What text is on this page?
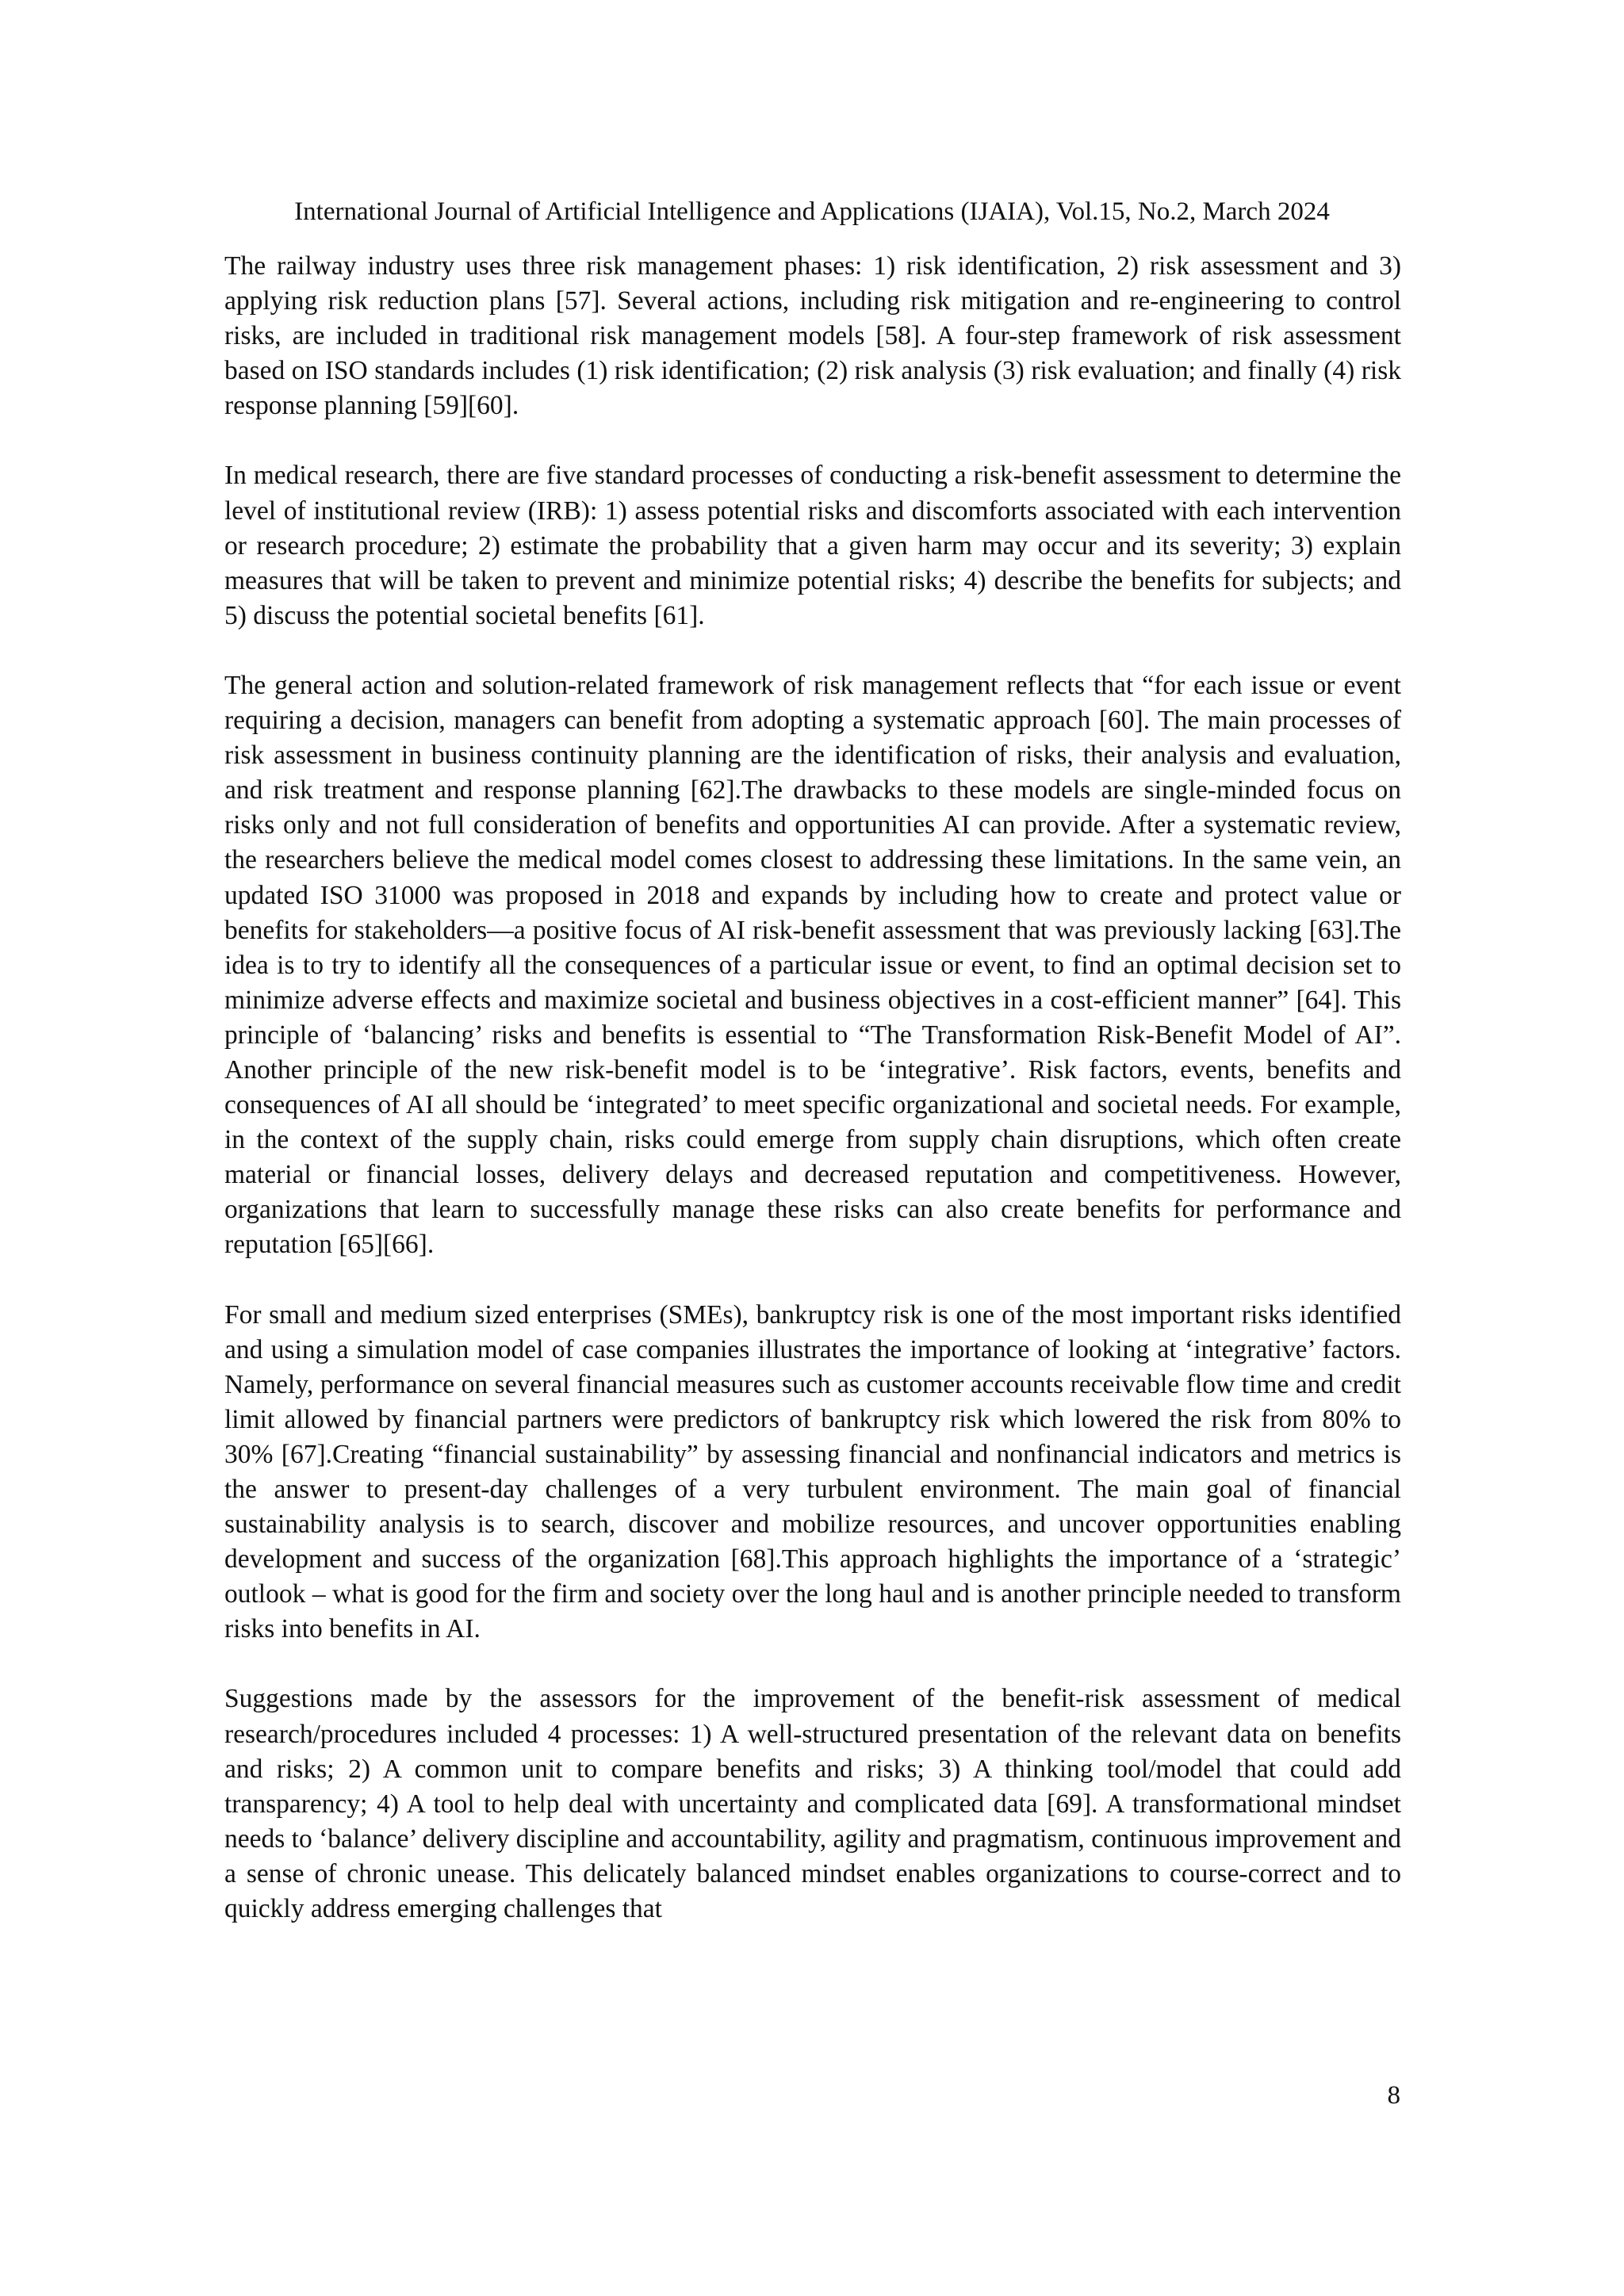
International Journal of Artificial Intelligence and Applications (IJAIA), Vol.15, No.2, March 2024

The railway industry uses three risk management phases: 1) risk identification, 2) risk assessment and 3) applying risk reduction plans [57]. Several actions, including risk mitigation and re-engineering to control risks, are included in traditional risk management models [58]. A four-step framework of risk assessment based on ISO standards includes (1) risk identification; (2) risk analysis (3) risk evaluation; and finally (4) risk response planning [59][60].

In medical research, there are five standard processes of conducting a risk-benefit assessment to determine the level of institutional review (IRB): 1) assess potential risks and discomforts associated with each intervention or research procedure; 2) estimate the probability that a given harm may occur and its severity; 3) explain measures that will be taken to prevent and minimize potential risks; 4) describe the benefits for subjects; and 5) discuss the potential societal benefits [61].

The general action and solution-related framework of risk management reflects that “for each issue or event requiring a decision, managers can benefit from adopting a systematic approach [60]. The main processes of risk assessment in business continuity planning are the identification of risks, their analysis and evaluation, and risk treatment and response planning [62].The drawbacks to these models are single-minded focus on risks only and not full consideration of benefits and opportunities AI can provide. After a systematic review, the researchers believe the medical model comes closest to addressing these limitations. In the same vein, an updated ISO 31000 was proposed in 2018 and expands by including how to create and protect value or benefits for stakeholders—a positive focus of AI risk-benefit assessment that was previously lacking [63].The idea is to try to identify all the consequences of a particular issue or event, to find an optimal decision set to minimize adverse effects and maximize societal and business objectives in a cost-efficient manner” [64]. This principle of ‘balancing’ risks and benefits is essential to “The Transformation Risk-Benefit Model of AI”. Another principle of the new risk-benefit model is to be ‘integrative’. Risk factors, events, benefits and consequences of AI all should be ‘integrated’ to meet specific organizational and societal needs. For example, in the context of the supply chain, risks could emerge from supply chain disruptions, which often create material or financial losses, delivery delays and decreased reputation and competitiveness. However, organizations that learn to successfully manage these risks can also create benefits for performance and reputation [65][66].

For small and medium sized enterprises (SMEs), bankruptcy risk is one of the most important risks identified and using a simulation model of case companies illustrates the importance of looking at ‘integrative’ factors. Namely, performance on several financial measures such as customer accounts receivable flow time and credit limit allowed by financial partners were predictors of bankruptcy risk which lowered the risk from 80% to 30% [67].Creating “financial sustainability” by assessing financial and nonfinancial indicators and metrics is the answer to present-day challenges of a very turbulent environment. The main goal of financial sustainability analysis is to search, discover and mobilize resources, and uncover opportunities enabling development and success of the organization [68].This approach highlights the importance of a ‘strategic’ outlook – what is good for the firm and society over the long haul and is another principle needed to transform risks into benefits in AI.

Suggestions made by the assessors for the improvement of the benefit-risk assessment of medical research/procedures included 4 processes: 1) A well-structured presentation of the relevant data on benefits and risks; 2) A common unit to compare benefits and risks; 3) A thinking tool/model that could add transparency; 4) A tool to help deal with uncertainty and complicated data [69]. A transformational mindset needs to ‘balance’ delivery discipline and accountability, agility and pragmatism, continuous improvement and a sense of chronic unease. This delicately balanced mindset enables organizations to course-correct and to quickly address emerging challenges that

8
